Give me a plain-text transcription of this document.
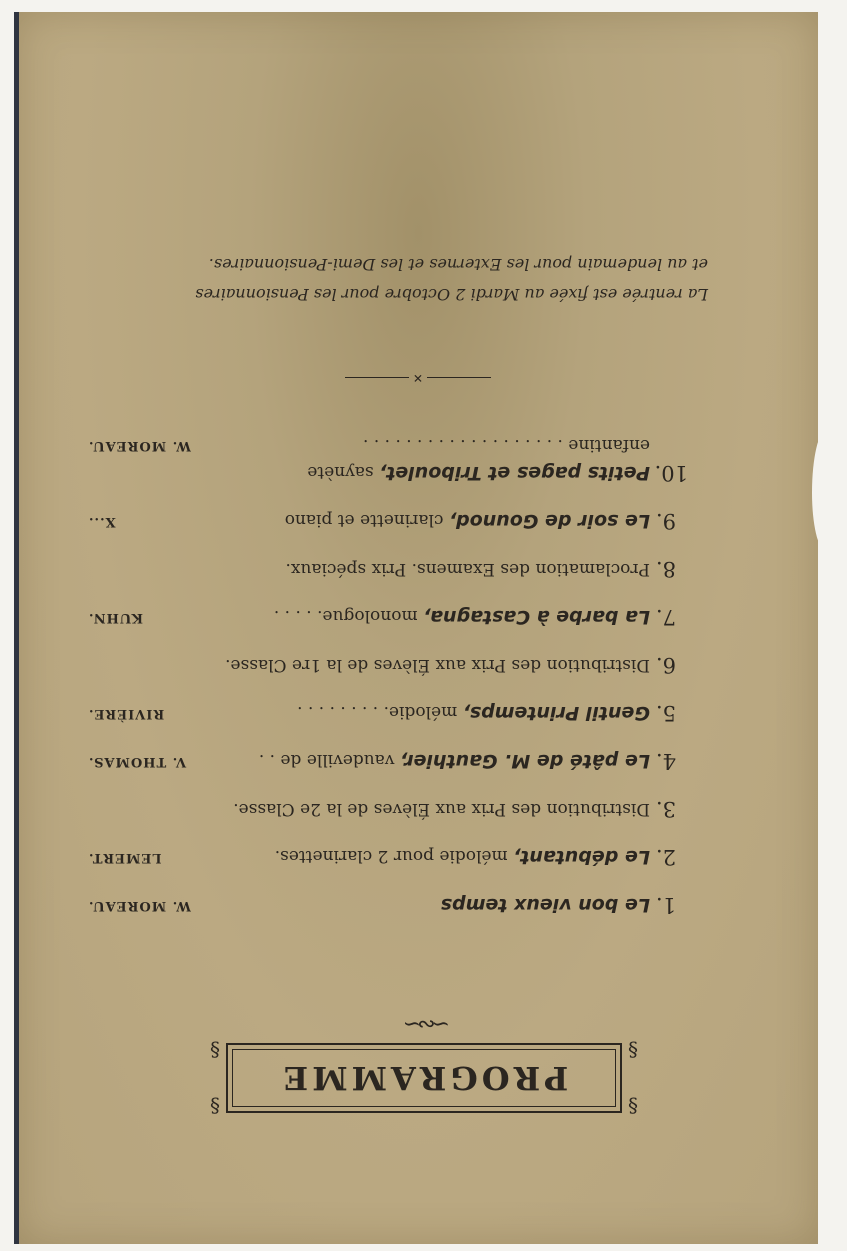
§
§
§
§
PROGRAMME
∽∾∽
1.
Le bon vieux temps
W. MOREAU.
2.
Le débutant, mélodie pour 2 clarinettes.
LEMERT.
3.
Distribution des Prix aux Élèves de la 2e Classe.
4.
Le pâté de M. Gauthier, vaudeville de . .
V. THOMAS.
5.
Gentil Printemps, mélodie. . . . . . . . .
RIVIÈRE.
6.
Distribution des Prix aux Élèves de la 1re Classe.
7.
La barbe à Castagna, monologue. . . . .
KUHN.
8.
Proclamation des Examens. Prix spéciaux.
9.
Le soir de Gounod, clarinette et piano
X...
10.
Petits pages et Triboulet, saynète
enfantine . . . . . . . . . . . . . . . . . . .
W. MOREAU.
✕
La rentrée est fixée au Mardi 2 Octobre pour les Pensionnaires
et au lendemain pour les Externes et les Demi-Pensionnaires.
